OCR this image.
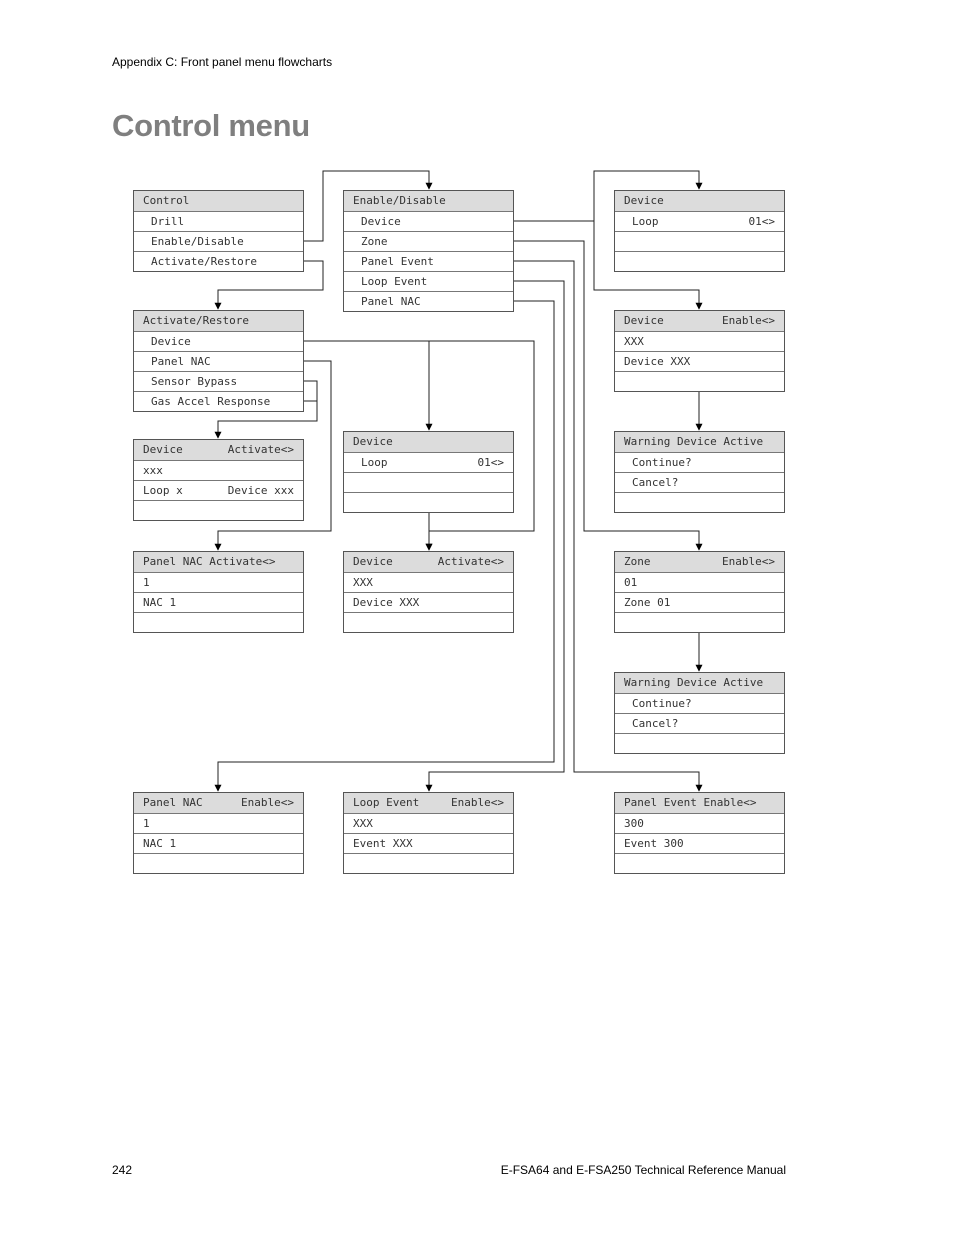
Appendix C: Front panel menu flowcharts
Control menu
Control
Drill
Enable/Disable
Activate/Restore
Enable/Disable
Device
Zone
Panel Event
Loop Event
Panel NAC
Device
Loop	01<>
Activate/Restore
Device
Panel NAC
Sensor Bypass
Gas Accel Response
Device	Enable<>
XXX
Device XXX
Device	Activate<>
xxx
Loop x	Device xxx
Device
Loop	01<>
Warning Device Active
Continue?
Cancel?
Panel NAC Activate<>
1
NAC 1
Device	Activate<>
XXX
Device XXX
Zone	Enable<>
01
Zone 01
Warning Device Active
Continue?
Cancel?
Panel NAC	Enable<>
1
NAC 1
Loop Event	Enable<>
XXX
Event XXX
Panel Event Enable<>
300
Event 300
242	E-FSA64 and E-FSA250 Technical Reference Manual
